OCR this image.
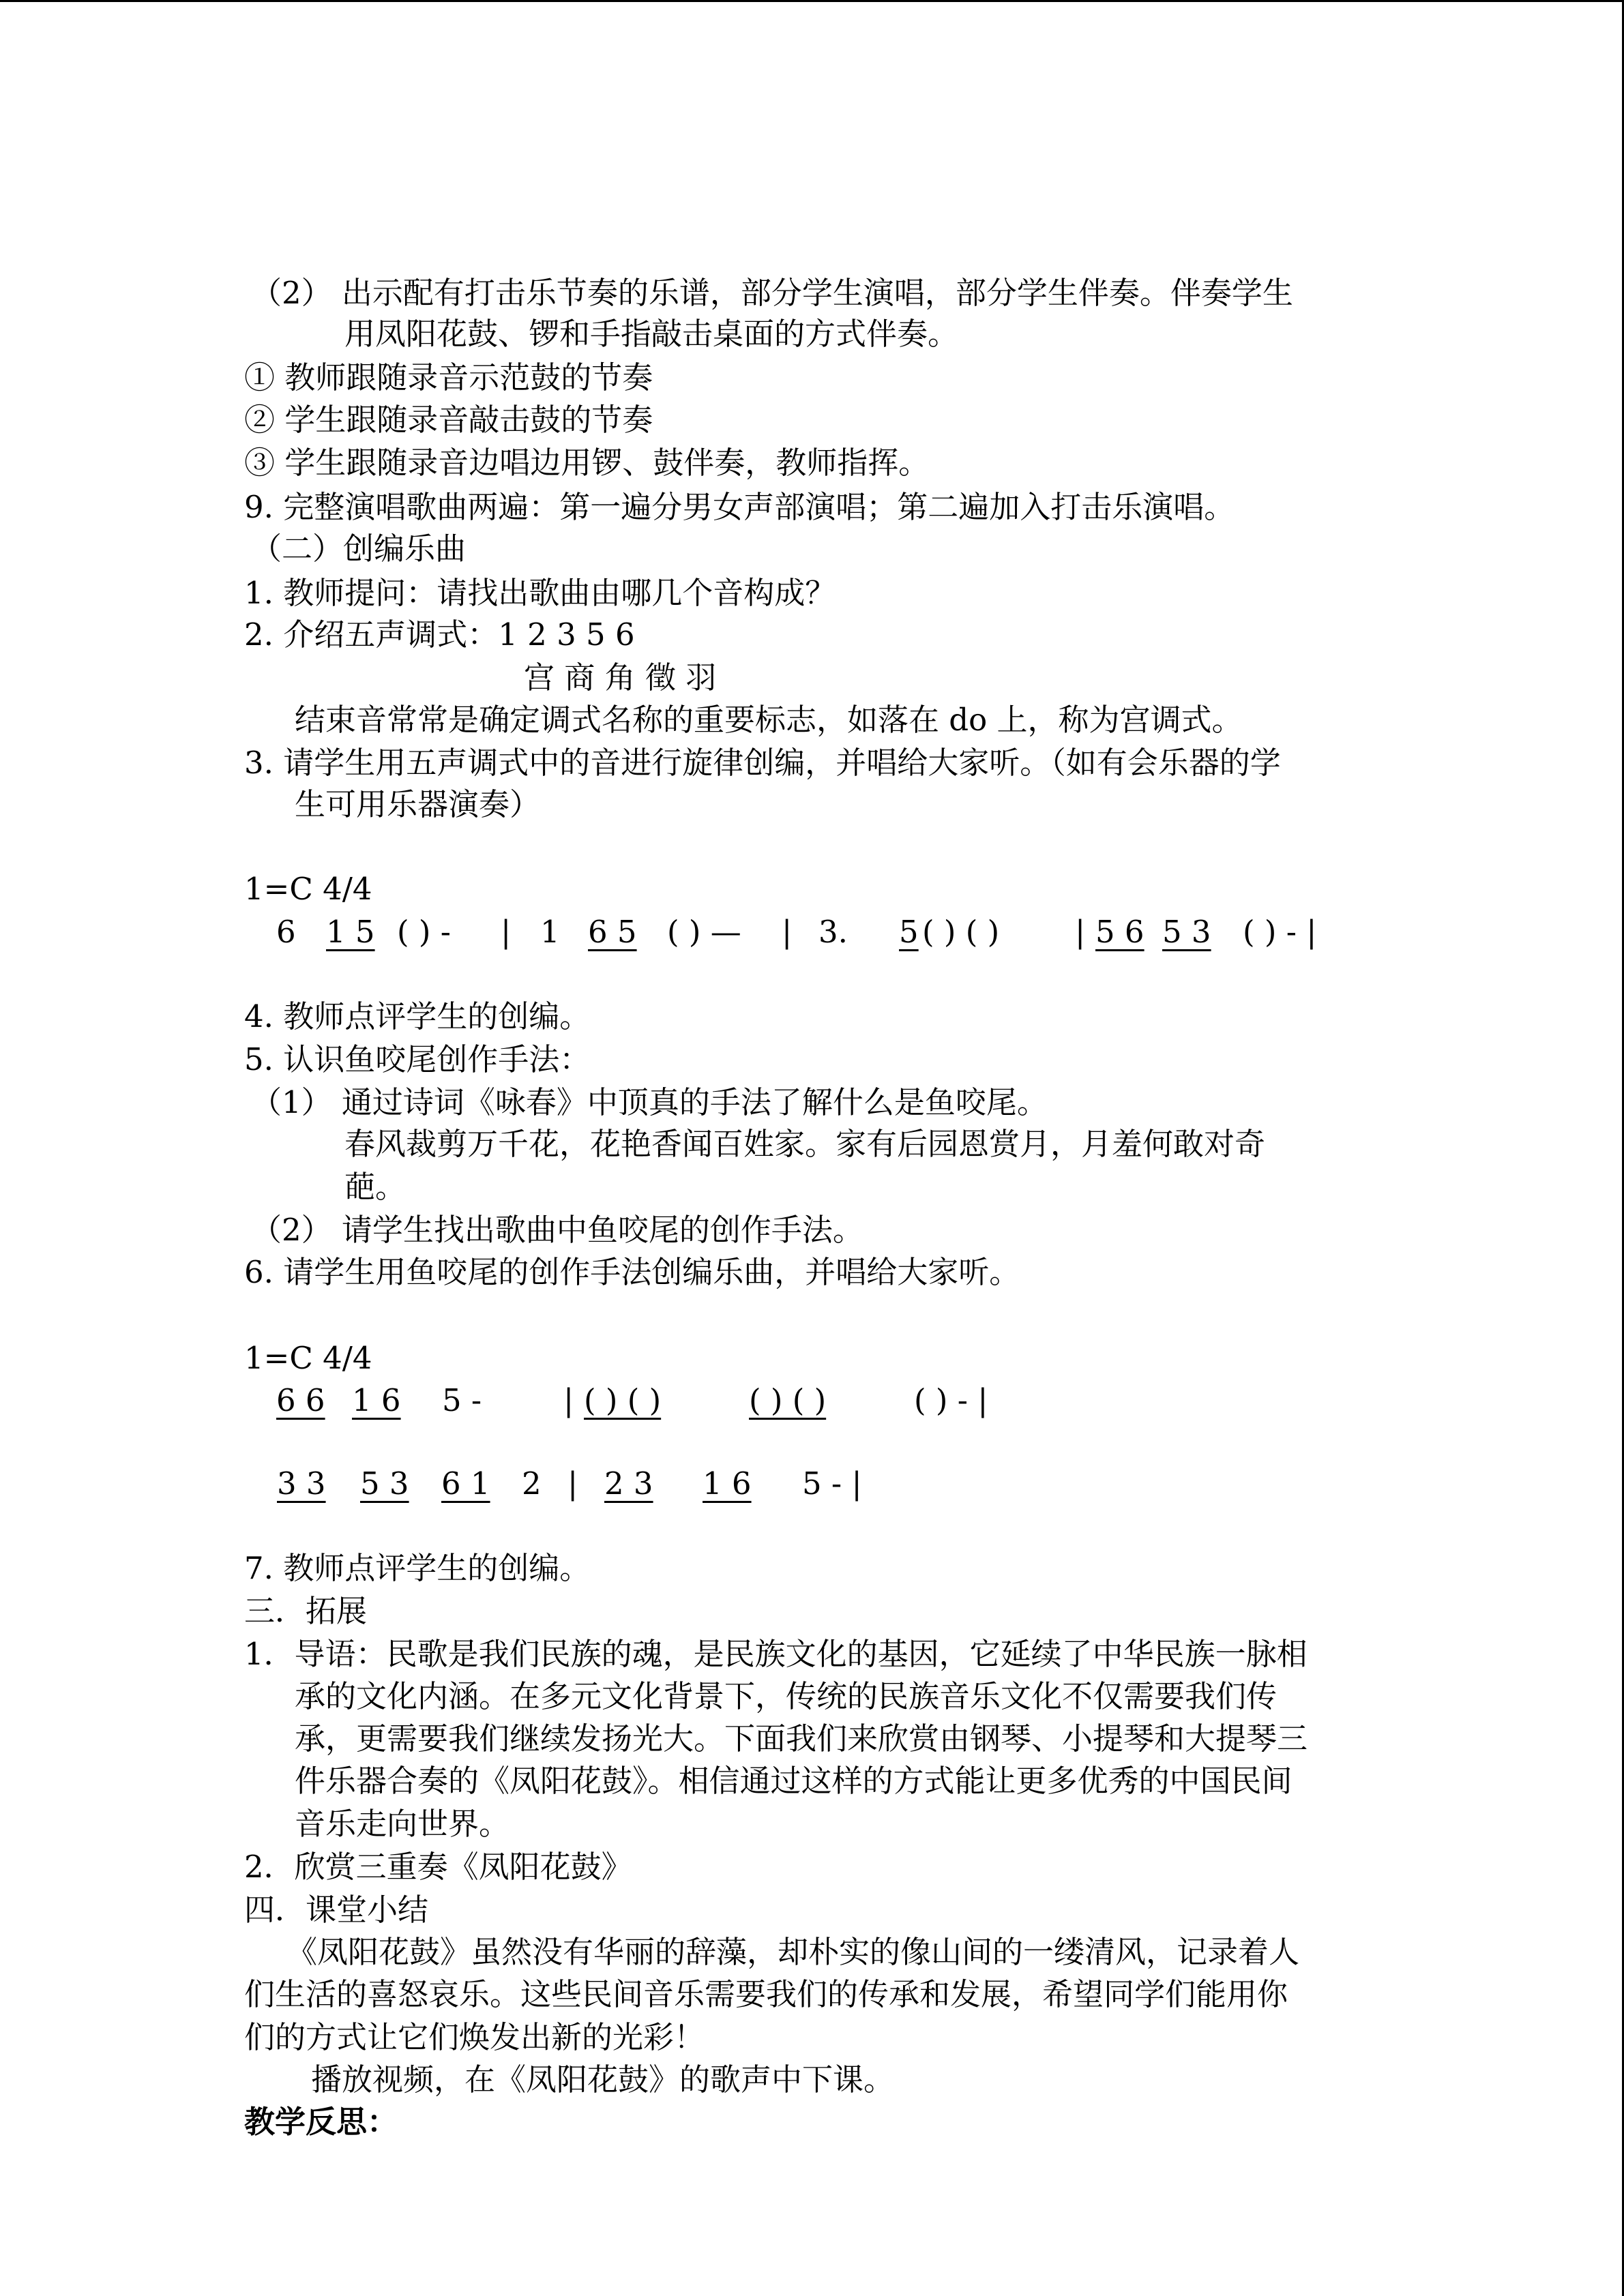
（2） 出示配有打击乐节奏的乐谱，部分学生演唱，部分学生伴奏。伴奏学生
用凤阳花鼓、锣和手指敲击桌面的方式伴奏。
① 教师跟随录音示范鼓的节奏
② 学生跟随录音敲击鼓的节奏
③ 学生跟随录音边唱边用锣、鼓伴奏，教师指挥。
9. 完整演唱歌曲两遍：第一遍分男女声部演唱；第二遍加入打击乐演唱。
（二）创编乐曲
1. 教师提问：请找出歌曲由哪几个音构成？
2. 介绍五声调式：1 2 3 5 6
宫 商 角 徵 羽
结束音常常是确定调式名称的重要标志，如落在 do 上，称为宫调式。
3. 请学生用五声调式中的音进行旋律创编，并唱给大家听。（如有会乐器的学
生可用乐器演奏）
1=C 4/4
6 1 5 ( ) - | 1 6 5 ( ) — | 3. 5 ( ) ( ) | 5 6 5 3 ( ) - |
4. 教师点评学生的创编。
5. 认识鱼咬尾创作手法：
（1） 通过诗词《咏春》中顶真的手法了解什么是鱼咬尾。
春风裁剪万千花，花艳香闻百姓家。家有后园恩赏月，月羞何敢对奇
葩。
（2） 请学生找出歌曲中鱼咬尾的创作手法。
6. 请学生用鱼咬尾的创作手法创编乐曲，并唱给大家听。
1=C 4/4
6 6 1 6 5 -	| ( ) ( )	( ) ( )	( ) - |
3 3 5 3 6 1 2 | 2 3 1 6 5 - |
7. 教师点评学生的创编。
三．拓展
1．导语：民歌是我们民族的魂，是民族文化的基因，它延续了中华民族一脉相
承的文化内涵。在多元文化背景下，传统的民族音乐文化不仅需要我们传
承，更需要我们继续发扬光大。下面我们来欣赏由钢琴、小提琴和大提琴三
件乐器合奏的《凤阳花鼓》。相信通过这样的方式能让更多优秀的中国民间
音乐走向世界。
2．欣赏三重奏《凤阳花鼓》
四．课堂小结
《凤阳花鼓》虽然没有华丽的辞藻，却朴实的像山间的一缕清风，记录着人
们生活的喜怒哀乐。这些民间音乐需要我们的传承和发展，希望同学们能用你
们的方式让它们焕发出新的光彩！
播放视频，在《凤阳花鼓》的歌声中下课。
教学反思：
